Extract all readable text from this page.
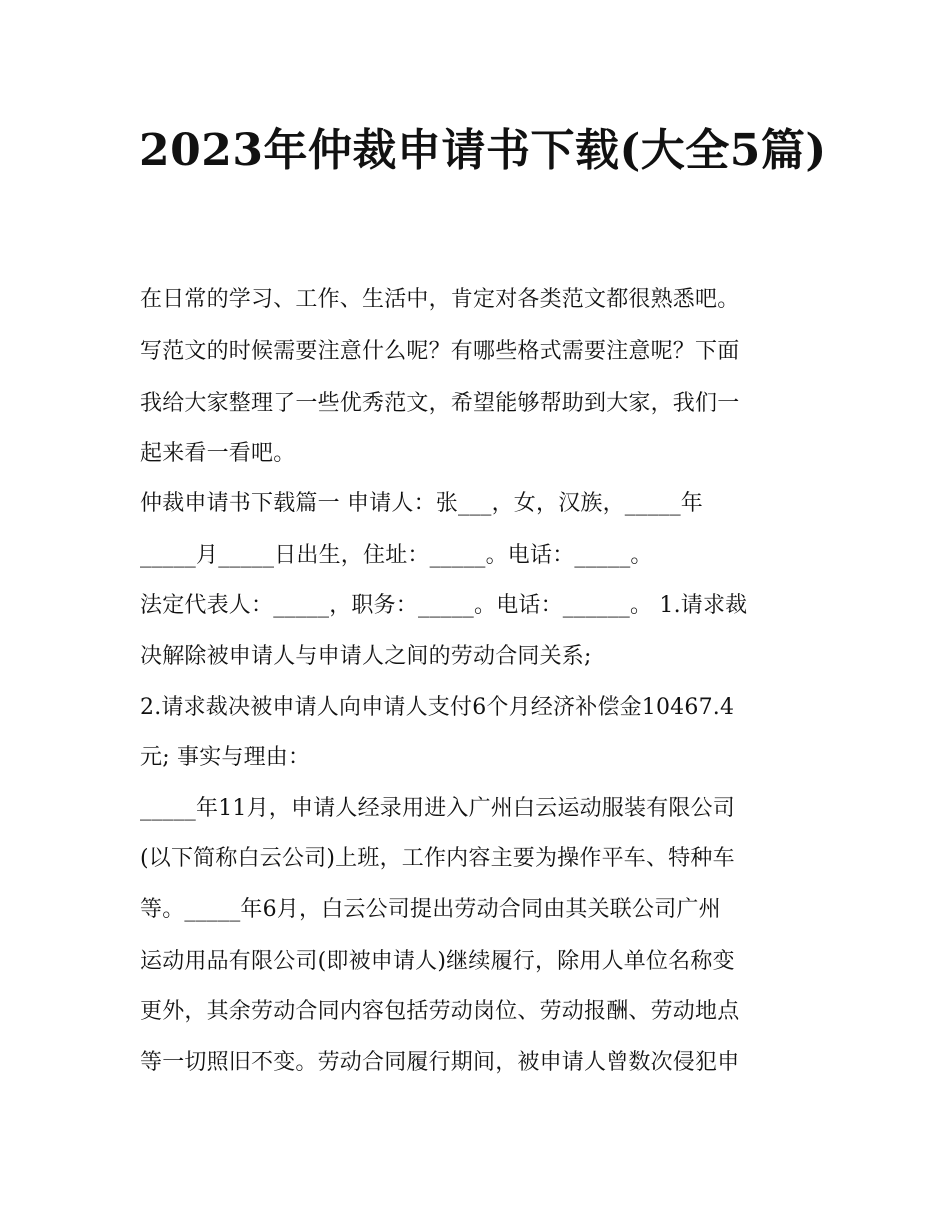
2023年仲裁申请书下载(大全5篇)

在日常的学习、工作、生活中，肯定对各类范文都很熟悉吧。

写范文的时候需要注意什么呢？有哪些格式需要注意呢？下面

我给大家整理了一些优秀范文，希望能够帮助到大家，我们一

起来看一看吧。

仲裁申请书下载篇一 申请人：张___，女，汉族，_____年

_____月_____日出生，住址：_____。电话：_____。

法定代表人：_____，职务：_____。电话：______。 1.请求裁

决解除被申请人与申请人之间的劳动合同关系;

2.请求裁决被申请人向申请人支付6个月经济补偿金10467.4

元; 事实与理由：

_____年11月，申请人经录用进入广州白云运动服装有限公司

(以下简称白云公司)上班，工作内容主要为操作平车、特种车

等。_____年6月，白云公司提出劳动合同由其关联公司广州

运动用品有限公司(即被申请人)继续履行，除用人单位名称变

更外，其余劳动合同内容包括劳动岗位、劳动报酬、劳动地点

等一切照旧不变。劳动合同履行期间，被申请人曾数次侵犯申
